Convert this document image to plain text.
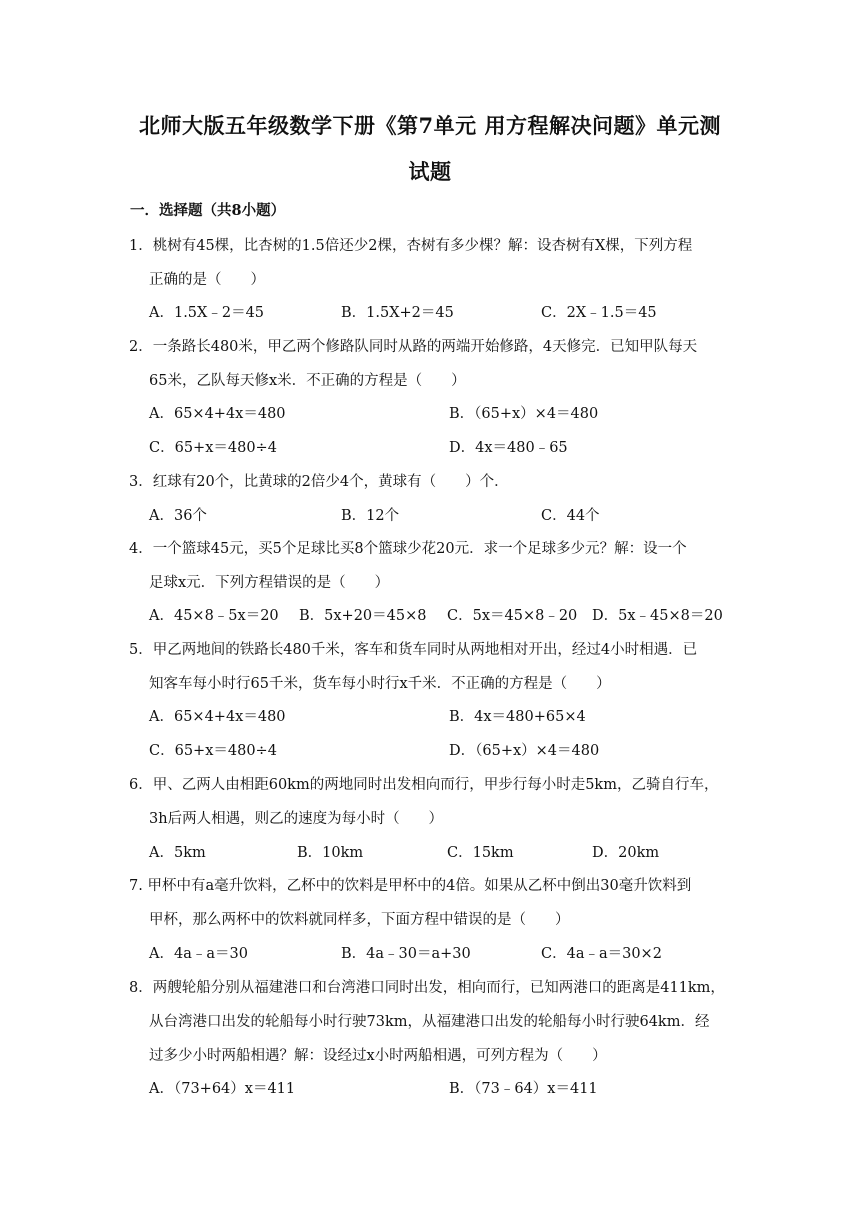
北师大版五年级数学下册《第7单元 用方程解决问题》单元测
试题
一．选择题（共8小题）
1．桃树有45棵，比杏树的1.5倍还少2棵，杏树有多少棵？解：设杏树有X棵，下列方程
正确的是（　　）
A．1.5X﹣2＝45	B．1.5X+2＝45	C．2X﹣1.5＝45
2．一条路长480米，甲乙两个修路队同时从路的两端开始修路，4天修完．已知甲队每天
65米，乙队每天修x米．不正确的方程是（　　）
A．65×4+4x＝480	B．（65+x）×4＝480
C．65+x＝480÷4	D．4x＝480﹣65
3．红球有20个，比黄球的2倍少4个，黄球有（　　）个．
A．36个	B．12个	C．44个
4．一个篮球45元，买5个足球比买8个篮球少花20元．求一个足球多少元？解：设一个
足球x元．下列方程错误的是（　　）
A．45×8﹣5x＝20 B．5x+20＝45×8 C．5x＝45×8﹣20 D．5x﹣45×8＝20
5．甲乙两地间的铁路长480千米，客车和货车同时从两地相对开出，经过4小时相遇．已
知客车每小时行65千米，货车每小时行x千米．不正确的方程是（　　）
A．65×4+4x＝480	B．4x＝480+65×4
C．65+x＝480÷4	D．（65+x）×4＝480
6．甲、乙两人由相距60km的两地同时出发相向而行，甲步行每小时走5km，乙骑自行车，
3h后两人相遇，则乙的速度为每小时（　　）
A．5km	B．10km	C．15km	D．20km
7. 甲杯中有a毫升饮料，乙杯中的饮料是甲杯中的4倍。如果从乙杯中倒出30毫升饮料到
甲杯，那么两杯中的饮料就同样多，下面方程中错误的是（　　）
A．4a﹣a＝30	B．4a﹣30＝a+30	C．4a﹣a＝30×2
8．两艘轮船分别从福建港口和台湾港口同时出发，相向而行，已知两港口的距离是411km，
从台湾港口出发的轮船每小时行驶73km，从福建港口出发的轮船每小时行驶64km．经
过多少小时两船相遇？解：设经过x小时两船相遇，可列方程为（　　）
A．（73+64）x＝411	B．（73﹣64）x＝411
